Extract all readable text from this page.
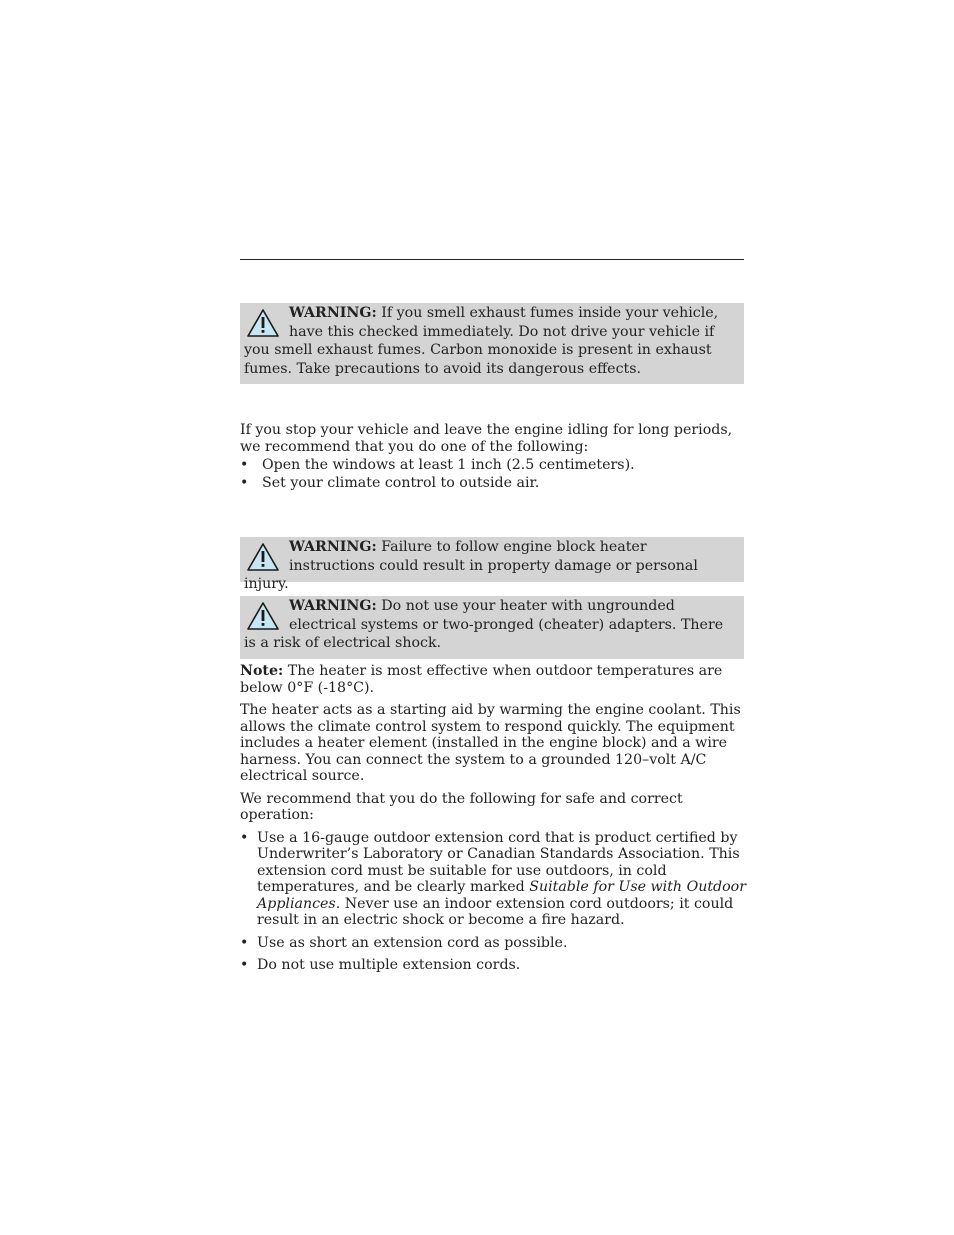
WARNING: If you smell exhaust fumes inside your vehicle, have this checked immediately. Do not drive your vehicle if you smell exhaust fumes. Carbon monoxide is present in exhaust fumes. Take precautions to avoid its dangerous effects.

If you stop your vehicle and leave the engine idling for long periods, we recommend that you do one of the following:

• Open the windows at least 1 inch (2.5 centimeters).

• Set your climate control to outside air.

WARNING: Failure to follow engine block heater instructions could result in property damage or personal injury.
WARNING: Do not use your heater with ungrounded electrical systems or two-pronged (cheater) adapters. There is a risk of electrical shock.

Note: The heater is most effective when outdoor temperatures are below 0°F (-18°C).

The heater acts as a starting aid by warming the engine coolant. This allows the climate control system to respond quickly. The equipment includes a heater element (installed in the engine block) and a wire harness. You can connect the system to a grounded 120–volt A/C electrical source.

We recommend that you do the following for safe and correct operation:

• Use a 16-gauge outdoor extension cord that is product certified by Underwriter’s Laboratory or Canadian Standards Association. This extension cord must be suitable for use outdoors, in cold temperatures, and be clearly marked Suitable for Use with Outdoor Appliances. Never use an indoor extension cord outdoors; it could result in an electric shock or become a fire hazard.

• Use as short an extension cord as possible.

• Do not use multiple extension cords.
